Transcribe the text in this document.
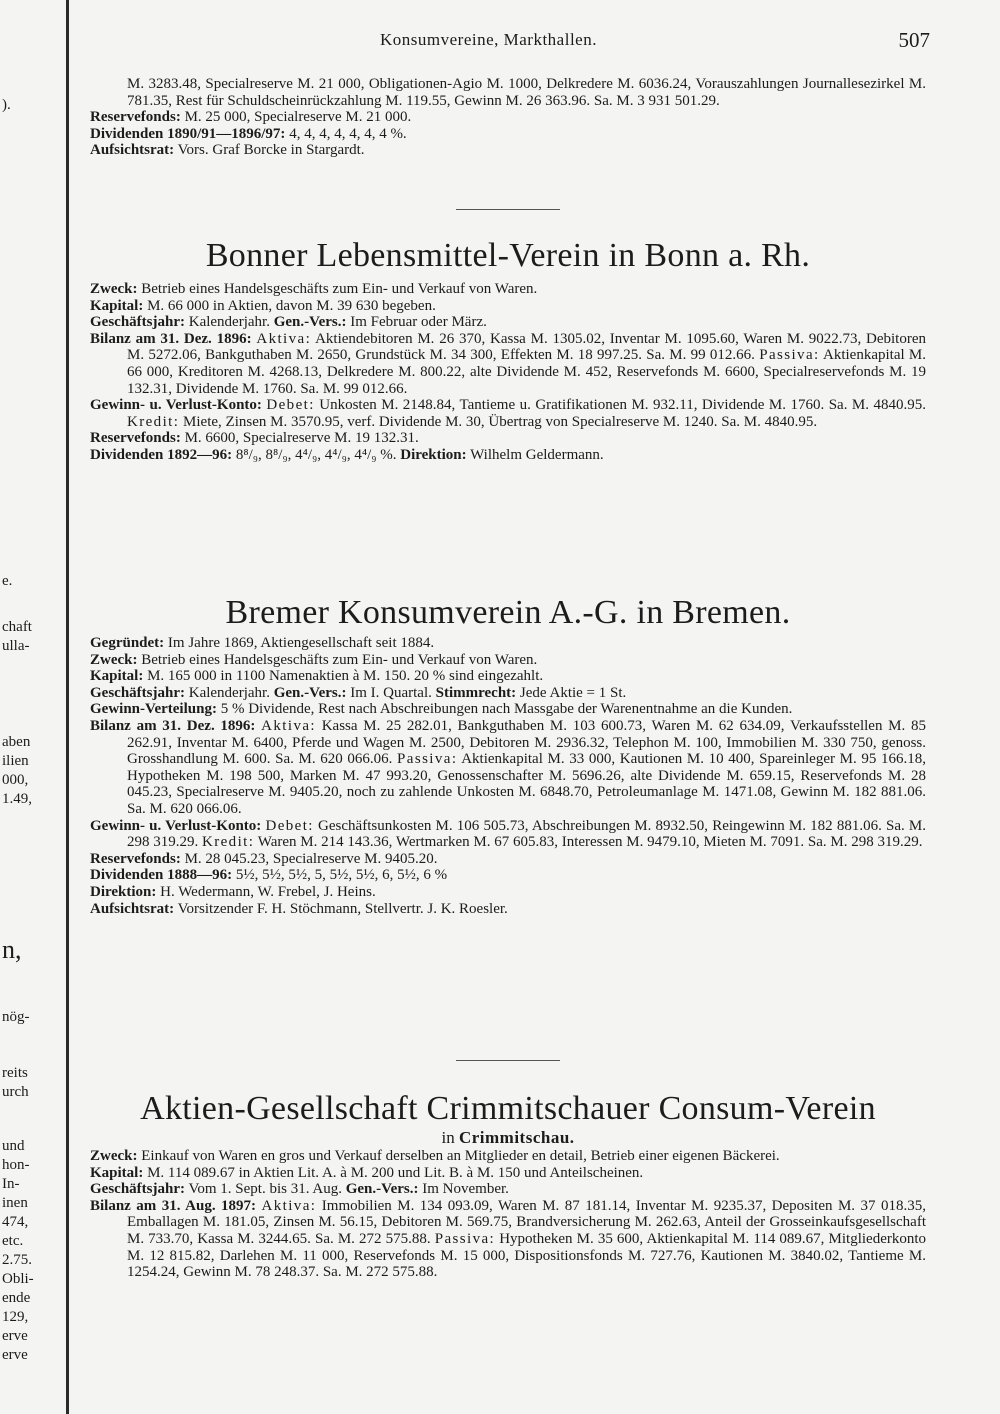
).
e.
chaft
ulla-
aben
ilien
000,
1.49,
n,
nög-
reits
urch
und
hon-
In-
inen
474,
etc.
2.75.
Obli-
ende
129,
erve
erve
Konsumvereine, Markthallen.	507

M. 3283.48, Specialreserve M. 21 000, Obligationen-Agio M. 1000, Delkredere M. 6036.24, Vorauszahlungen Journallesezirkel M. 781.35, Rest für Schuldscheinrückzahlung M. 119.55, Gewinn M. 26 363.96. Sa. M. 3 931 501.29.

Reservefonds: M. 25 000, Specialreserve M. 21 000.

Dividenden 1890/91—1896/97: 4, 4, 4, 4, 4, 4, 4 %.

Aufsichtsrat: Vors. Graf Borcke in Stargardt.

Bonner Lebensmittel-Verein in Bonn a. Rh.

Zweck: Betrieb eines Handelsgeschäfts zum Ein- und Verkauf von Waren.

Kapital: M. 66 000 in Aktien, davon M. 39 630 begeben.

Geschäftsjahr: Kalenderjahr. Gen.-Vers.: Im Februar oder März.

Bilanz am 31. Dez. 1896: Aktiva: Aktiendebitoren M. 26 370, Kassa M. 1305.02, Inventar M. 1095.60, Waren M. 9022.73, Debitoren M. 5272.06, Bankguthaben M. 2650, Grundstück M. 34 300, Effekten M. 18 997.25. Sa. M. 99 012.66. Passiva: Aktienkapital M. 66 000, Kreditoren M. 4268.13, Delkredere M. 800.22, alte Dividende M. 452, Reservefonds M. 6600, Specialreservefonds M. 19 132.31, Dividende M. 1760. Sa. M. 99 012.66.

Gewinn- u. Verlust-Konto: Debet: Unkosten M. 2148.84, Tantieme u. Gratifikationen M. 932.11, Dividende M. 1760. Sa. M. 4840.95. Kredit: Miete, Zinsen M. 3570.95, verf. Dividende M. 30, Übertrag von Specialreserve M. 1240. Sa. M. 4840.95.

Reservefonds: M. 6600, Specialreserve M. 19 132.31.

Dividenden 1892—96: 8⁸/₉, 8⁸/₉, 4⁴/₉, 4⁴/₉, 4⁴/₉ %. Direktion: Wilhelm Geldermann.

Bremer Konsumverein A.-G. in Bremen.

Gegründet: Im Jahre 1869, Aktiengesellschaft seit 1884.

Zweck: Betrieb eines Handelsgeschäfts zum Ein- und Verkauf von Waren.

Kapital: M. 165 000 in 1100 Namenaktien à M. 150. 20 % sind eingezahlt.

Geschäftsjahr: Kalenderjahr. Gen.-Vers.: Im I. Quartal. Stimmrecht: Jede Aktie = 1 St.

Gewinn-Verteilung: 5 % Dividende, Rest nach Abschreibungen nach Massgabe der Warenentnahme an die Kunden.

Bilanz am 31. Dez. 1896: Aktiva: Kassa M. 25 282.01, Bankguthaben M. 103 600.73, Waren M. 62 634.09, Verkaufsstellen M. 85 262.91, Inventar M. 6400, Pferde und Wagen M. 2500, Debitoren M. 2936.32, Telephon M. 100, Immobilien M. 330 750, genoss. Grosshandlung M. 600. Sa. M. 620 066.06. Passiva: Aktienkapital M. 33 000, Kautionen M. 10 400, Spareinleger M. 95 166.18, Hypotheken M. 198 500, Marken M. 47 993.20, Genossenschafter M. 5696.26, alte Dividende M. 659.15, Reservefonds M. 28 045.23, Specialreserve M. 9405.20, noch zu zahlende Unkosten M. 6848.70, Petroleumanlage M. 1471.08, Gewinn M. 182 881.06. Sa. M. 620 066.06.

Gewinn- u. Verlust-Konto: Debet: Geschäftsunkosten M. 106 505.73, Abschreibungen M. 8932.50, Reingewinn M. 182 881.06. Sa. M. 298 319.29. Kredit: Waren M. 214 143.36, Wertmarken M. 67 605.83, Interessen M. 9479.10, Mieten M. 7091. Sa. M. 298 319.29.

Reservefonds: M. 28 045.23, Specialreserve M. 9405.20.

Dividenden 1888—96: 5½, 5½, 5½, 5, 5½, 5½, 6, 5½, 6 %

Direktion: H. Wedermann, W. Frebel, J. Heins.

Aufsichtsrat: Vorsitzender F. H. Stöchmann, Stellvertr. J. K. Roesler.

Aktien-Gesellschaft Crimmitschauer Consum-Verein
in Crimmitschau.

Zweck: Einkauf von Waren en gros und Verkauf derselben an Mitglieder en detail, Betrieb einer eigenen Bäckerei.

Kapital: M. 114 089.67 in Aktien Lit. A. à M. 200 und Lit. B. à M. 150 und Anteilscheinen.

Geschäftsjahr: Vom 1. Sept. bis 31. Aug. Gen.-Vers.: Im November.

Bilanz am 31. Aug. 1897: Aktiva: Immobilien M. 134 093.09, Waren M. 87 181.14, Inventar M. 9235.37, Depositen M. 37 018.35, Emballagen M. 181.05, Zinsen M. 56.15, Debitoren M. 569.75, Brandversicherung M. 262.63, Anteil der Grosseinkaufsgesellschaft M. 733.70, Kassa M. 3244.65. Sa. M. 272 575.88. Passiva: Hypotheken M. 35 600, Aktienkapital M. 114 089.67, Mitgliederkonto M. 12 815.82, Darlehen M. 11 000, Reservefonds M. 15 000, Dispositionsfonds M. 727.76, Kautionen M. 3840.02, Tantieme M. 1254.24, Gewinn M. 78 248.37. Sa. M. 272 575.88.
